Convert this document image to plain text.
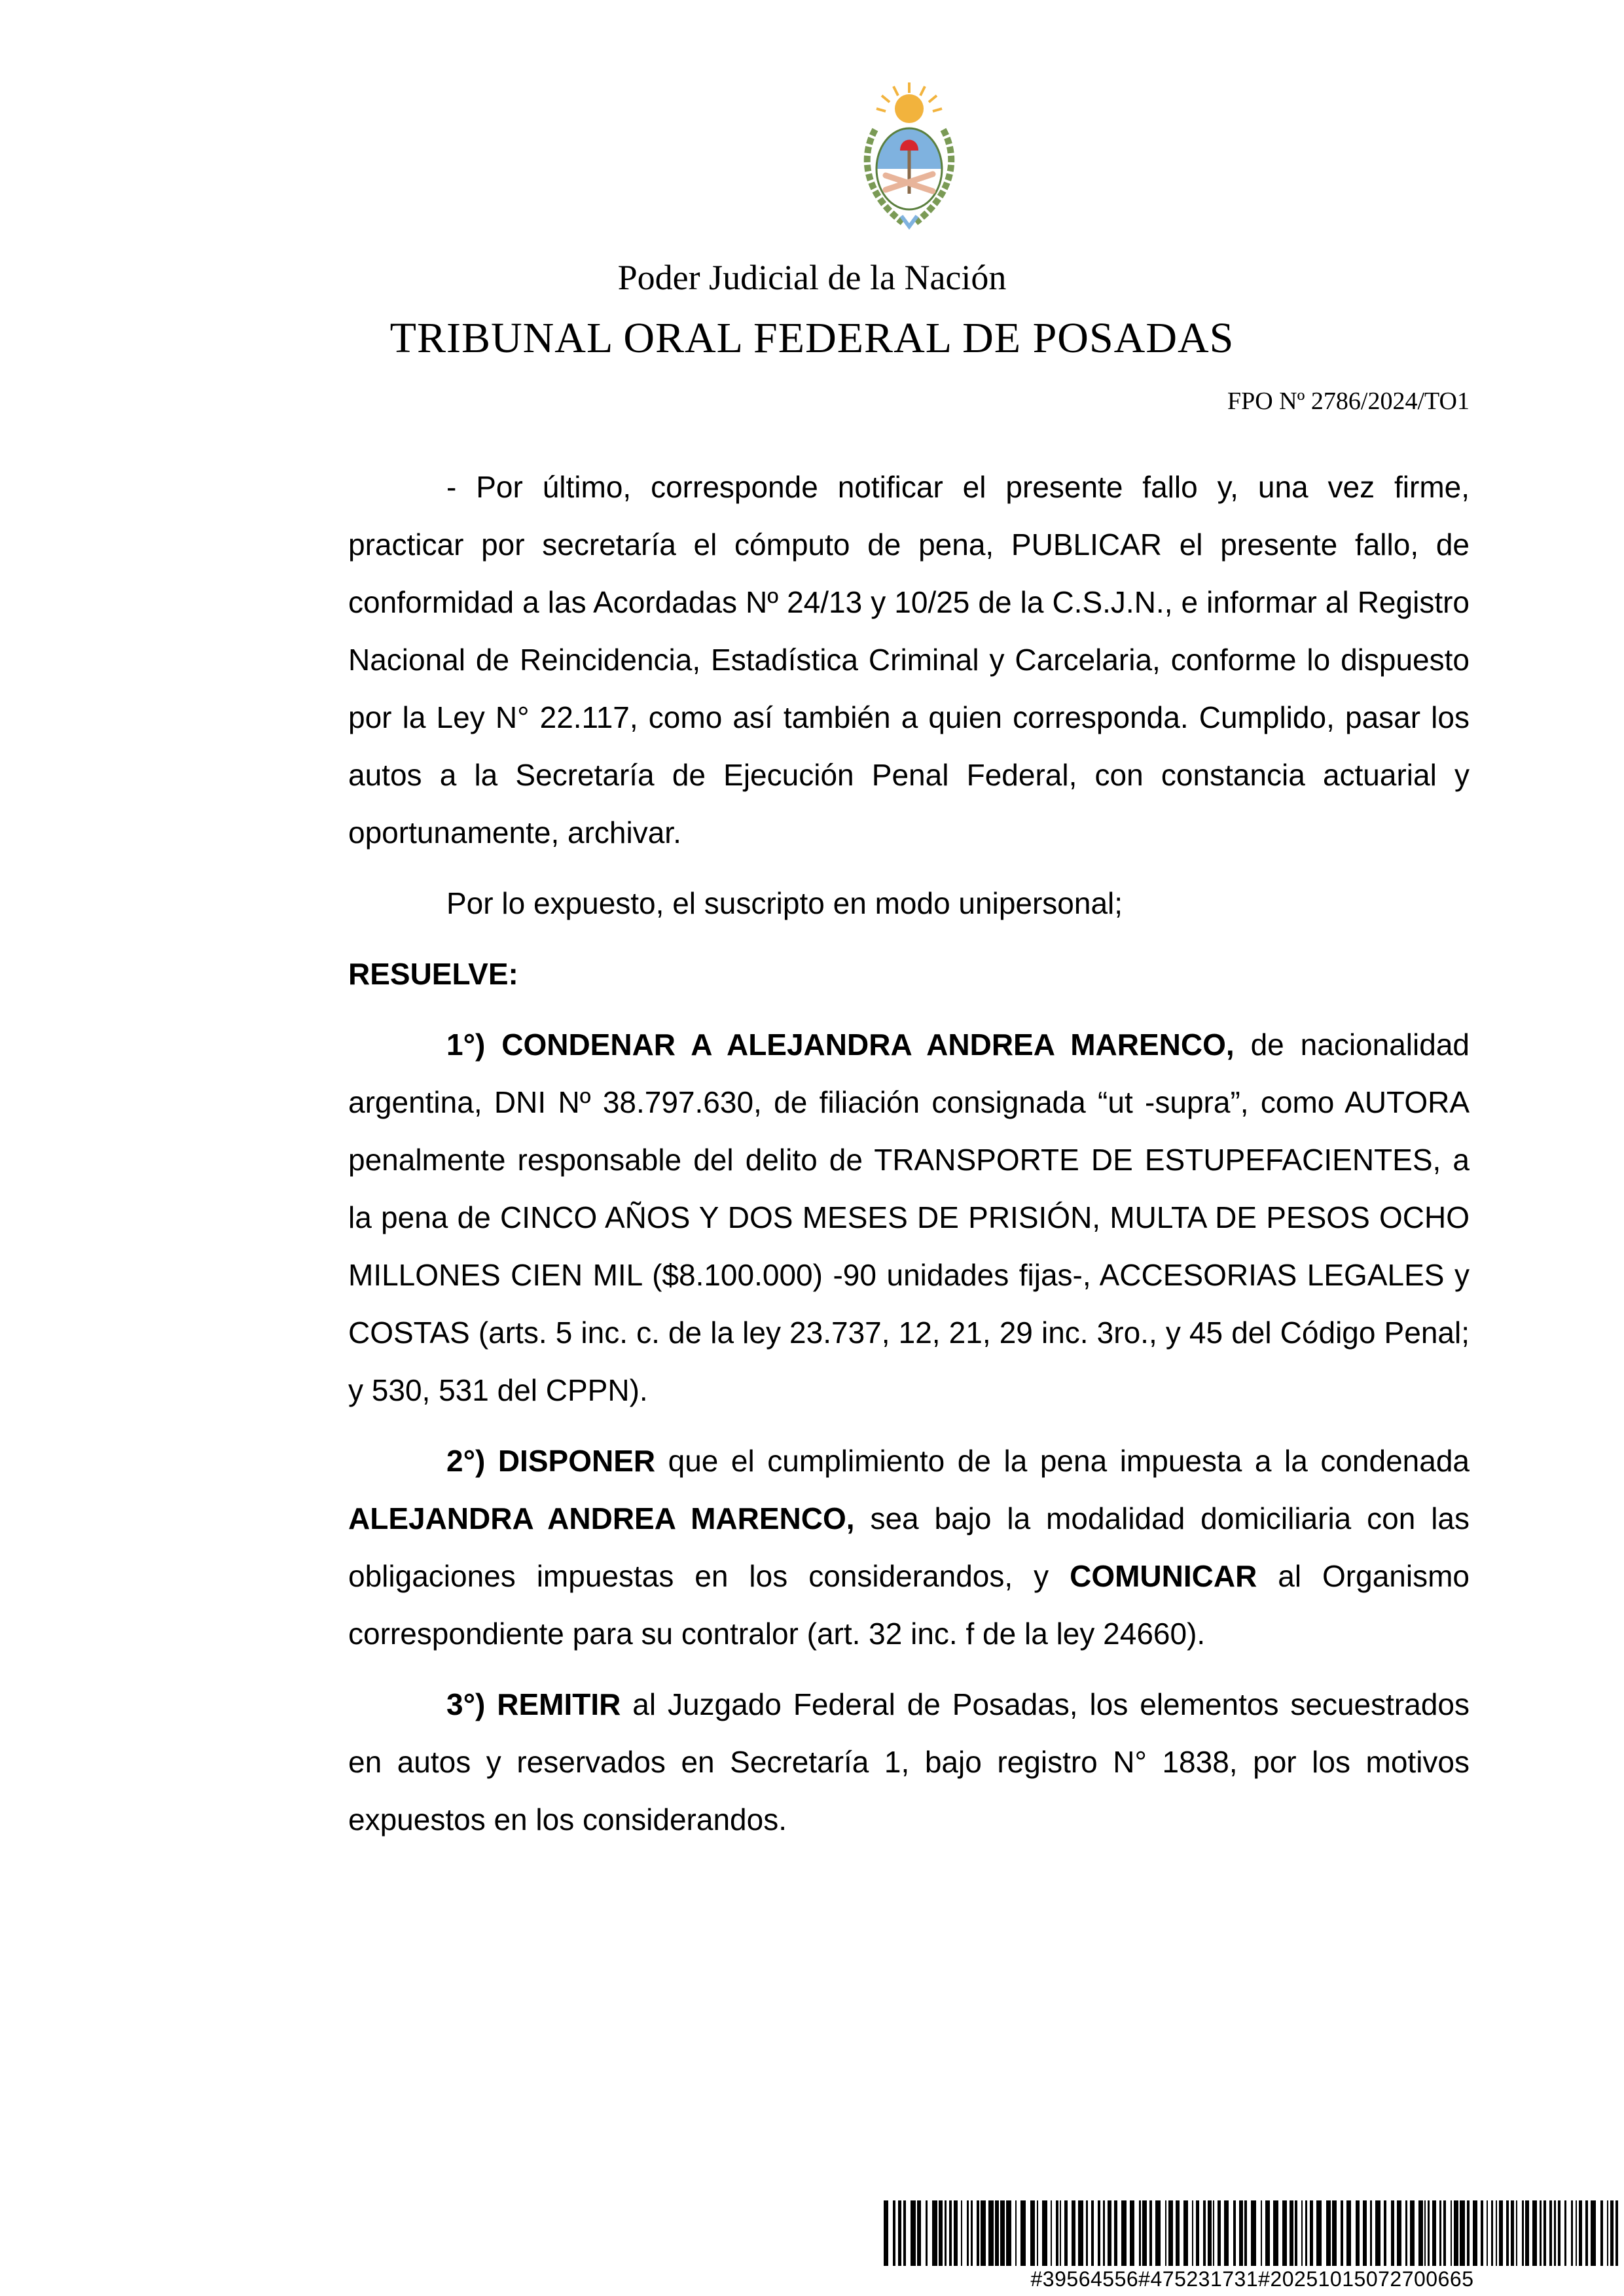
Poder Judicial de la Nación
TRIBUNAL ORAL FEDERAL DE POSADAS
FPO Nº 2786/2024/TO1

- Por último, corresponde notificar el presente fallo y, una vez firme, practicar por secretaría el cómputo de pena, PUBLICAR el presente fallo, de conformidad a las Acordadas Nº 24/13 y 10/25 de la C.S.J.N., e informar al Registro Nacional de Reincidencia, Estadística Criminal y Carcelaria, conforme lo dispuesto por la Ley N° 22.117, como así también a quien corresponda. Cumplido, pasar los autos a la Secretaría de Ejecución Penal Federal, con constancia actuarial y oportunamente, archivar.

Por lo expuesto, el suscripto en modo unipersonal;

RESUELVE:

1°) CONDENAR A ALEJANDRA ANDREA MARENCO, de nacionalidad argentina, DNI Nº 38.797.630, de filiación consignada “ut -supra”, como AUTORA penalmente responsable del delito de TRANSPORTE DE ESTUPEFACIENTES, a la pena de CINCO AÑOS Y DOS MESES DE PRISIÓN, MULTA DE PESOS OCHO MILLONES CIEN MIL ($8.100.000) -90 unidades fijas-, ACCESORIAS LEGALES y COSTAS (arts. 5 inc. c. de la ley 23.737, 12, 21, 29 inc. 3ro., y 45 del Código Penal; y 530, 531 del CPPN).

2°) DISPONER que el cumplimiento de la pena impuesta a la condenada ALEJANDRA ANDREA MARENCO, sea bajo la modalidad domiciliaria con las obligaciones impuestas en los considerandos, y COMUNICAR al Organismo correspondiente para su contralor (art. 32 inc. f de la ley 24660).

3°) REMITIR al Juzgado Federal de Posadas, los elementos secuestrados en autos y reservados en Secretaría 1, bajo registro N° 1838, por los motivos expuestos en los considerandos.

#39564556#475231731#20251015072700665
